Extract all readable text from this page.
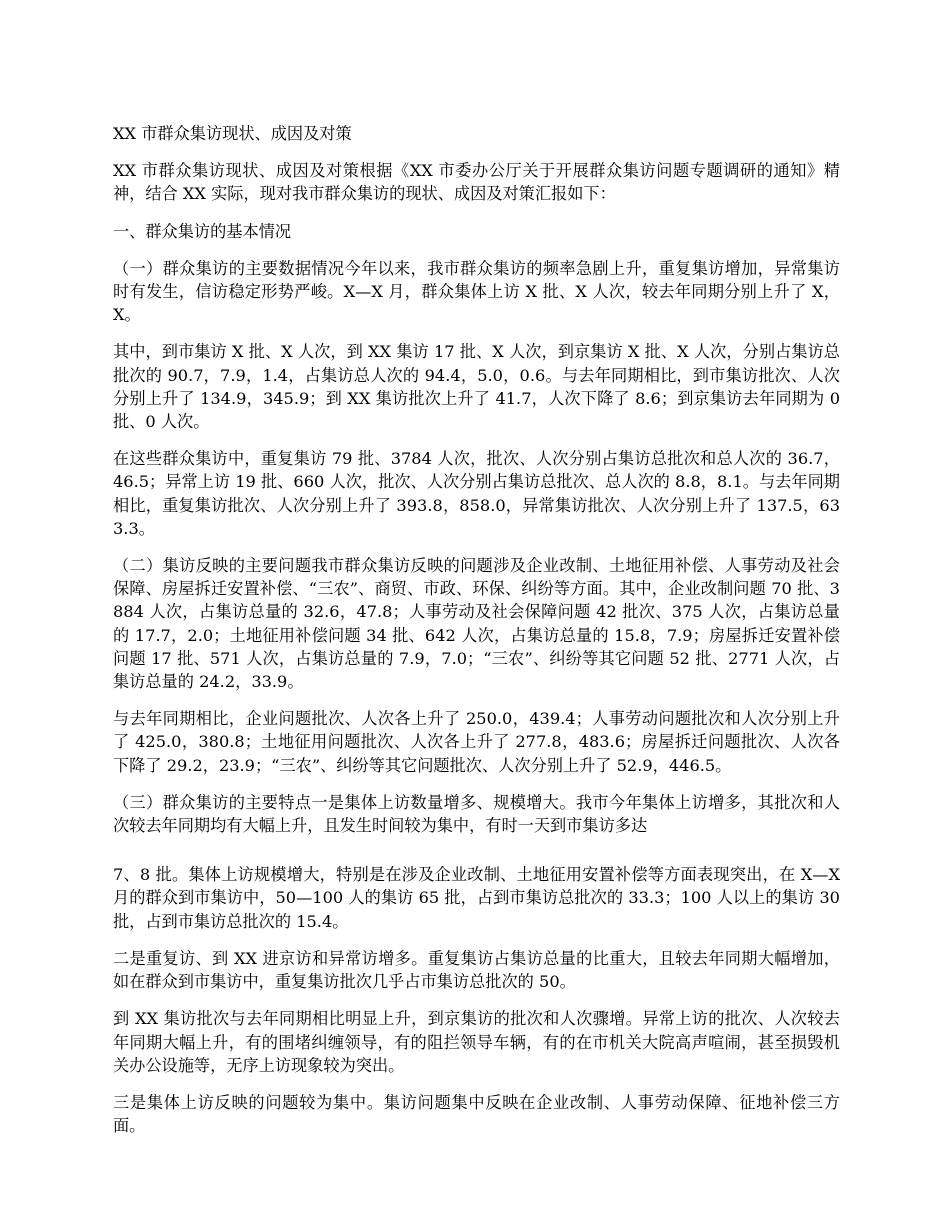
XX 市群众集访现状、成因及对策

XX 市群众集访现状、成因及对策根据《XX 市委办公厅关于开展群众集访问题专题调研的通知》精神，结合 XX 实际，现对我市群众集访的现状、成因及对策汇报如下：

一、群众集访的基本情况

（一）群众集访的主要数据情况今年以来，我市群众集访的频率急剧上升，重复集访增加，异常集访时有发生，信访稳定形势严峻。X—X 月，群众集体上访 X 批、X 人次，较去年同期分别上升了 X，X。

其中，到市集访 X 批、X 人次，到 XX 集访 17 批、X 人次，到京集访 X 批、X 人次，分别占集访总批次的 90.7，7.9，1.4，占集访总人次的 94.4，5.0，0.6。与去年同期相比，到市集访批次、人次分别上升了 134.9，345.9；到 XX 集访批次上升了 41.7，人次下降了 8.6；到京集访去年同期为 0 批、0 人次。

在这些群众集访中，重复集访 79 批、3784 人次，批次、人次分别占集访总批次和总人次的 36.7，46.5；异常上访 19 批、660 人次，批次、人次分别占集访总批次、总人次的 8.8，8.1。与去年同期相比，重复集访批次、人次分别上升了 393.8，858.0，异常集访批次、人次分别上升了 137.5，633.3。

（二）集访反映的主要问题我市群众集访反映的问题涉及企业改制、土地征用补偿、人事劳动及社会保障、房屋拆迁安置补偿、“三农”、商贸、市政、环保、纠纷等方面。其中，企业改制问题 70 批、3884 人次，占集访总量的 32.6，47.8；人事劳动及社会保障问题 42 批次、375 人次，占集访总量的 17.7，2.0；土地征用补偿问题 34 批、642 人次，占集访总量的 15.8，7.9；房屋拆迁安置补偿问题 17 批、571 人次，占集访总量的 7.9，7.0；“三农”、纠纷等其它问题 52 批、2771 人次，占集访总量的 24.2，33.9。

与去年同期相比，企业问题批次、人次各上升了 250.0，439.4；人事劳动问题批次和人次分别上升了 425.0，380.8；土地征用问题批次、人次各上升了 277.8，483.6；房屋拆迁问题批次、人次各下降了 29.2，23.9；“三农”、纠纷等其它问题批次、人次分别上升了 52.9，446.5。

（三）群众集访的主要特点一是集体上访数量增多、规模增大。我市今年集体上访增多，其批次和人次较去年同期均有大幅上升，且发生时间较为集中，有时一天到市集访多达

7、8 批。集体上访规模增大，特别是在涉及企业改制、土地征用安置补偿等方面表现突出，在 X—X 月的群众到市集访中，50—100 人的集访 65 批，占到市集访总批次的 33.3；100 人以上的集访 30 批，占到市集访总批次的 15.4。

二是重复访、到 XX 进京访和异常访增多。重复集访占集访总量的比重大，且较去年同期大幅增加，如在群众到市集访中，重复集访批次几乎占市集访总批次的 50。

到 XX 集访批次与去年同期相比明显上升，到京集访的批次和人次骤增。异常上访的批次、人次较去年同期大幅上升，有的围堵纠缠领导，有的阻拦领导车辆，有的在市机关大院高声喧闹，甚至损毁机关办公设施等，无序上访现象较为突出。

三是集体上访反映的问题较为集中。集访问题集中反映在企业改制、人事劳动保障、征地补偿三方面。
